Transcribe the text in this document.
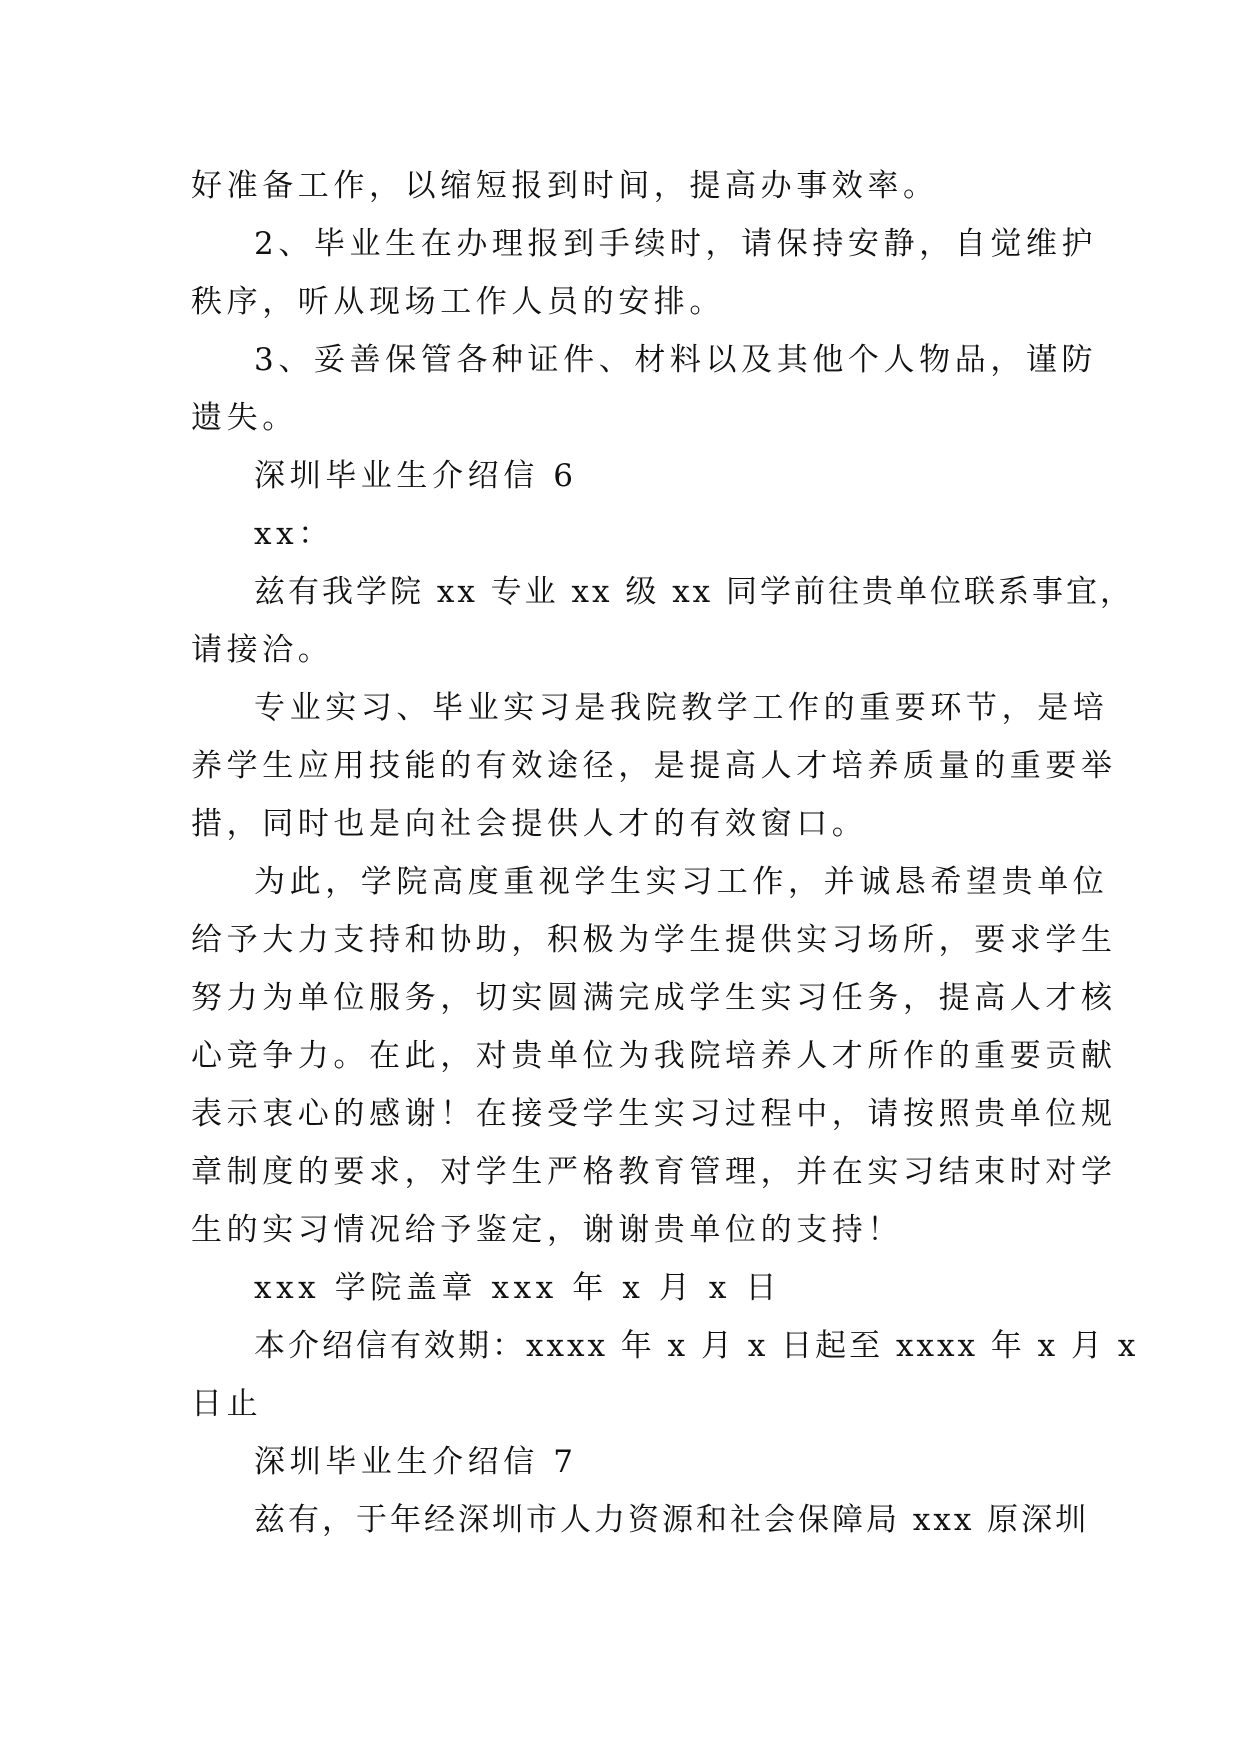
好准备工作，以缩短报到时间，提高办事效率。
2、毕业生在办理报到手续时，请保持安静，自觉维护
秩序，听从现场工作人员的安排。
3、妥善保管各种证件、材料以及其他个人物品，谨防
遗失。
深圳毕业生介绍信 6
xx：
兹有我学院 xx 专业 xx 级 xx 同学前往贵单位联系事宜，
请接洽。
专业实习、毕业实习是我院教学工作的重要环节，是培
养学生应用技能的有效途径，是提高人才培养质量的重要举
措，同时也是向社会提供人才的有效窗口。
为此，学院高度重视学生实习工作，并诚恳希望贵单位
给予大力支持和协助，积极为学生提供实习场所，要求学生
努力为单位服务，切实圆满完成学生实习任务，提高人才核
心竞争力。在此，对贵单位为我院培养人才所作的重要贡献
表示衷心的感谢！在接受学生实习过程中，请按照贵单位规
章制度的要求，对学生严格教育管理，并在实习结束时对学
生的实习情况给予鉴定，谢谢贵单位的支持！
xxx 学院盖章 xxx 年 x 月 x 日
本介绍信有效期：xxxx 年 x 月 x 日起至 xxxx 年 x 月 x
日止
深圳毕业生介绍信 7
兹有，于年经深圳市人力资源和社会保障局 xxx 原深圳
